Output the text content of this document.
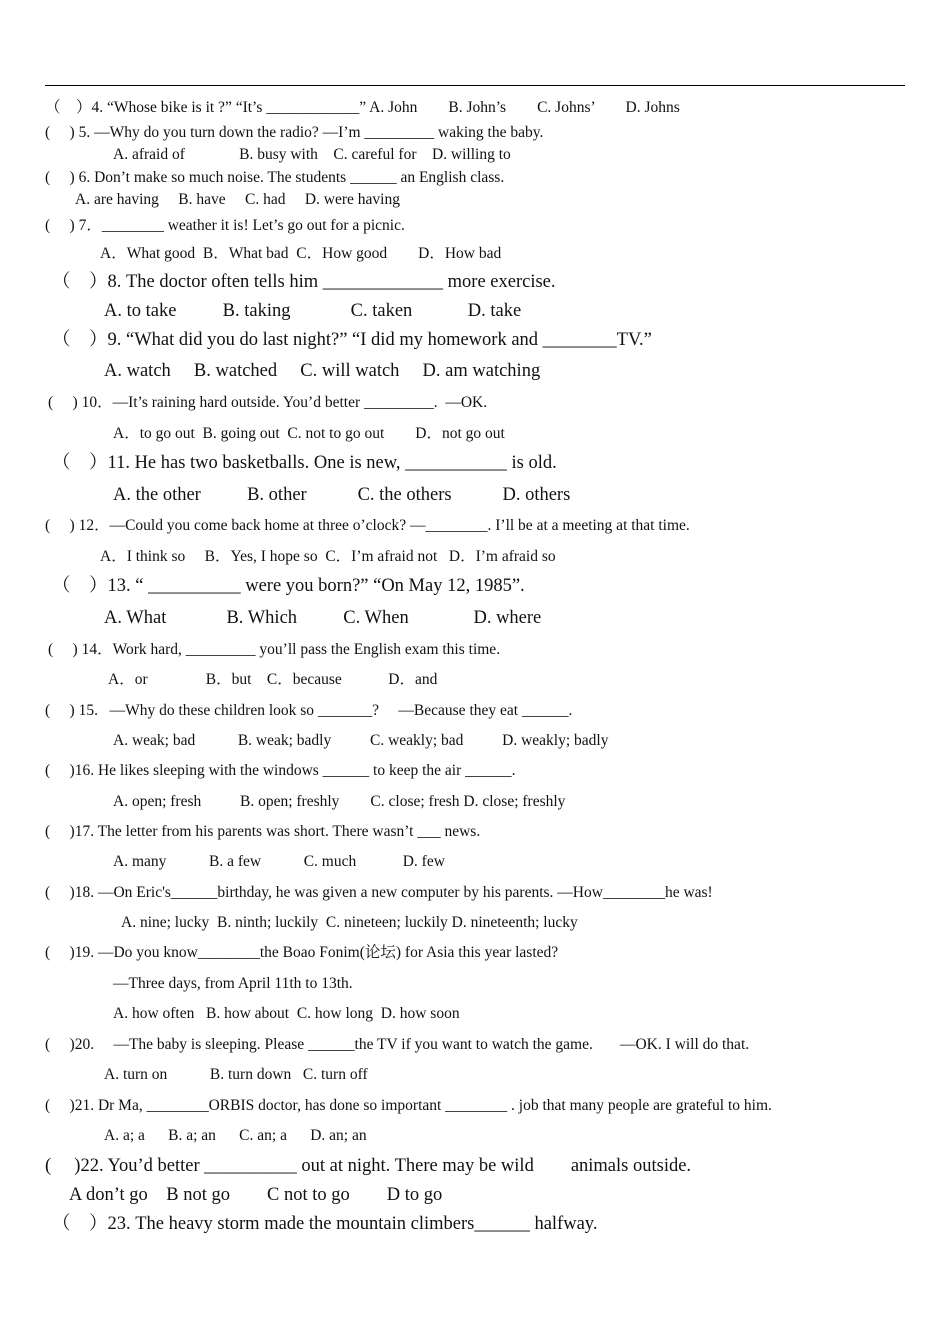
（　）4. “Whose bike is it ?” “It’s ____________” A. John        B. John’s        C. Johns’        D. Johns
(     ) 5. —Why do you turn down the radio? —I’m _________ waking the baby.
A. afraid of              B. busy with    C. careful for    D. willing to
(     ) 6. Don’t make so much noise. The students ______ an English class.
A. are having     B. have     C. had     D. were having
(     ) 7．________ weather it is! Let’s go out for a picnic.
A．What good  B．What bad  C．How good        D．How bad
（　）8. The doctor often tells him _____________ more exercise.
A. to take          B. taking             C. taken            D. take
（　）9. “What did you do last night?” “I did my homework and ________TV.”
A. watch     B. watched     C. will watch     D. am watching
(     ) 10．—It’s raining hard outside. You’d better _________.  —OK.
A．to go out  B. going out  C. not to go out        D．not go out
（　）11. He has two basketballs. One is new, ___________ is old.
A. the other          B. other           C. the others           D. others
(     ) 12．—Could you come back home at three o’clock? —________. I’ll be at a meeting at that time.
A．I think so     B．Yes, I hope so  C．I’m afraid not   D．I’m afraid so
（　）13. “ __________ were you born?” “On May 12, 1985”.
A. What             B. Which          C. When              D. where
(     ) 14．Work hard, _________ you’ll pass the English exam this time.
A．or               B．but    C．because            D．and
(     ) 15.   —Why do these children look so _______?     —Because they eat ______.
A. weak; bad           B. weak; badly          C. weakly; bad          D. weakly; badly
(     )16. He likes sleeping with the windows ______ to keep the air ______.
A. open; fresh          B. open; freshly        C. close; fresh D. close; freshly
(     )17. The letter from his parents was short. There wasn’t ___ news.
A. many           B. a few           C. much            D. few
(     )18. —On Eric's______birthday, he was given a new computer by his parents. —How________he was!
A. nine; lucky  B. ninth; luckily  C. nineteen; luckily D. nineteenth; lucky
(     )19. —Do you know________the Boao Fonim(论坛) for Asia this year lasted?
—Three days, from April 11th to 13th.
A. how often   B. how about  C. how long  D. how soon
(     )20.     —The baby is sleeping. Please ______the TV if you want to watch the game.       —OK. I will do that.
A. turn on           B. turn down   C. turn off
(     )21. Dr Ma, ________ORBIS doctor, has done so important ________ . job that many people are grateful to him.
A. a; a      B. a; an      C. an; a      D. an; an
(     )22. You’d better __________ out at night. There may be wild        animals outside.
A don’t go    B not go        C not to go        D to go
（　）23. The heavy storm made the mountain climbers______ halfway.
